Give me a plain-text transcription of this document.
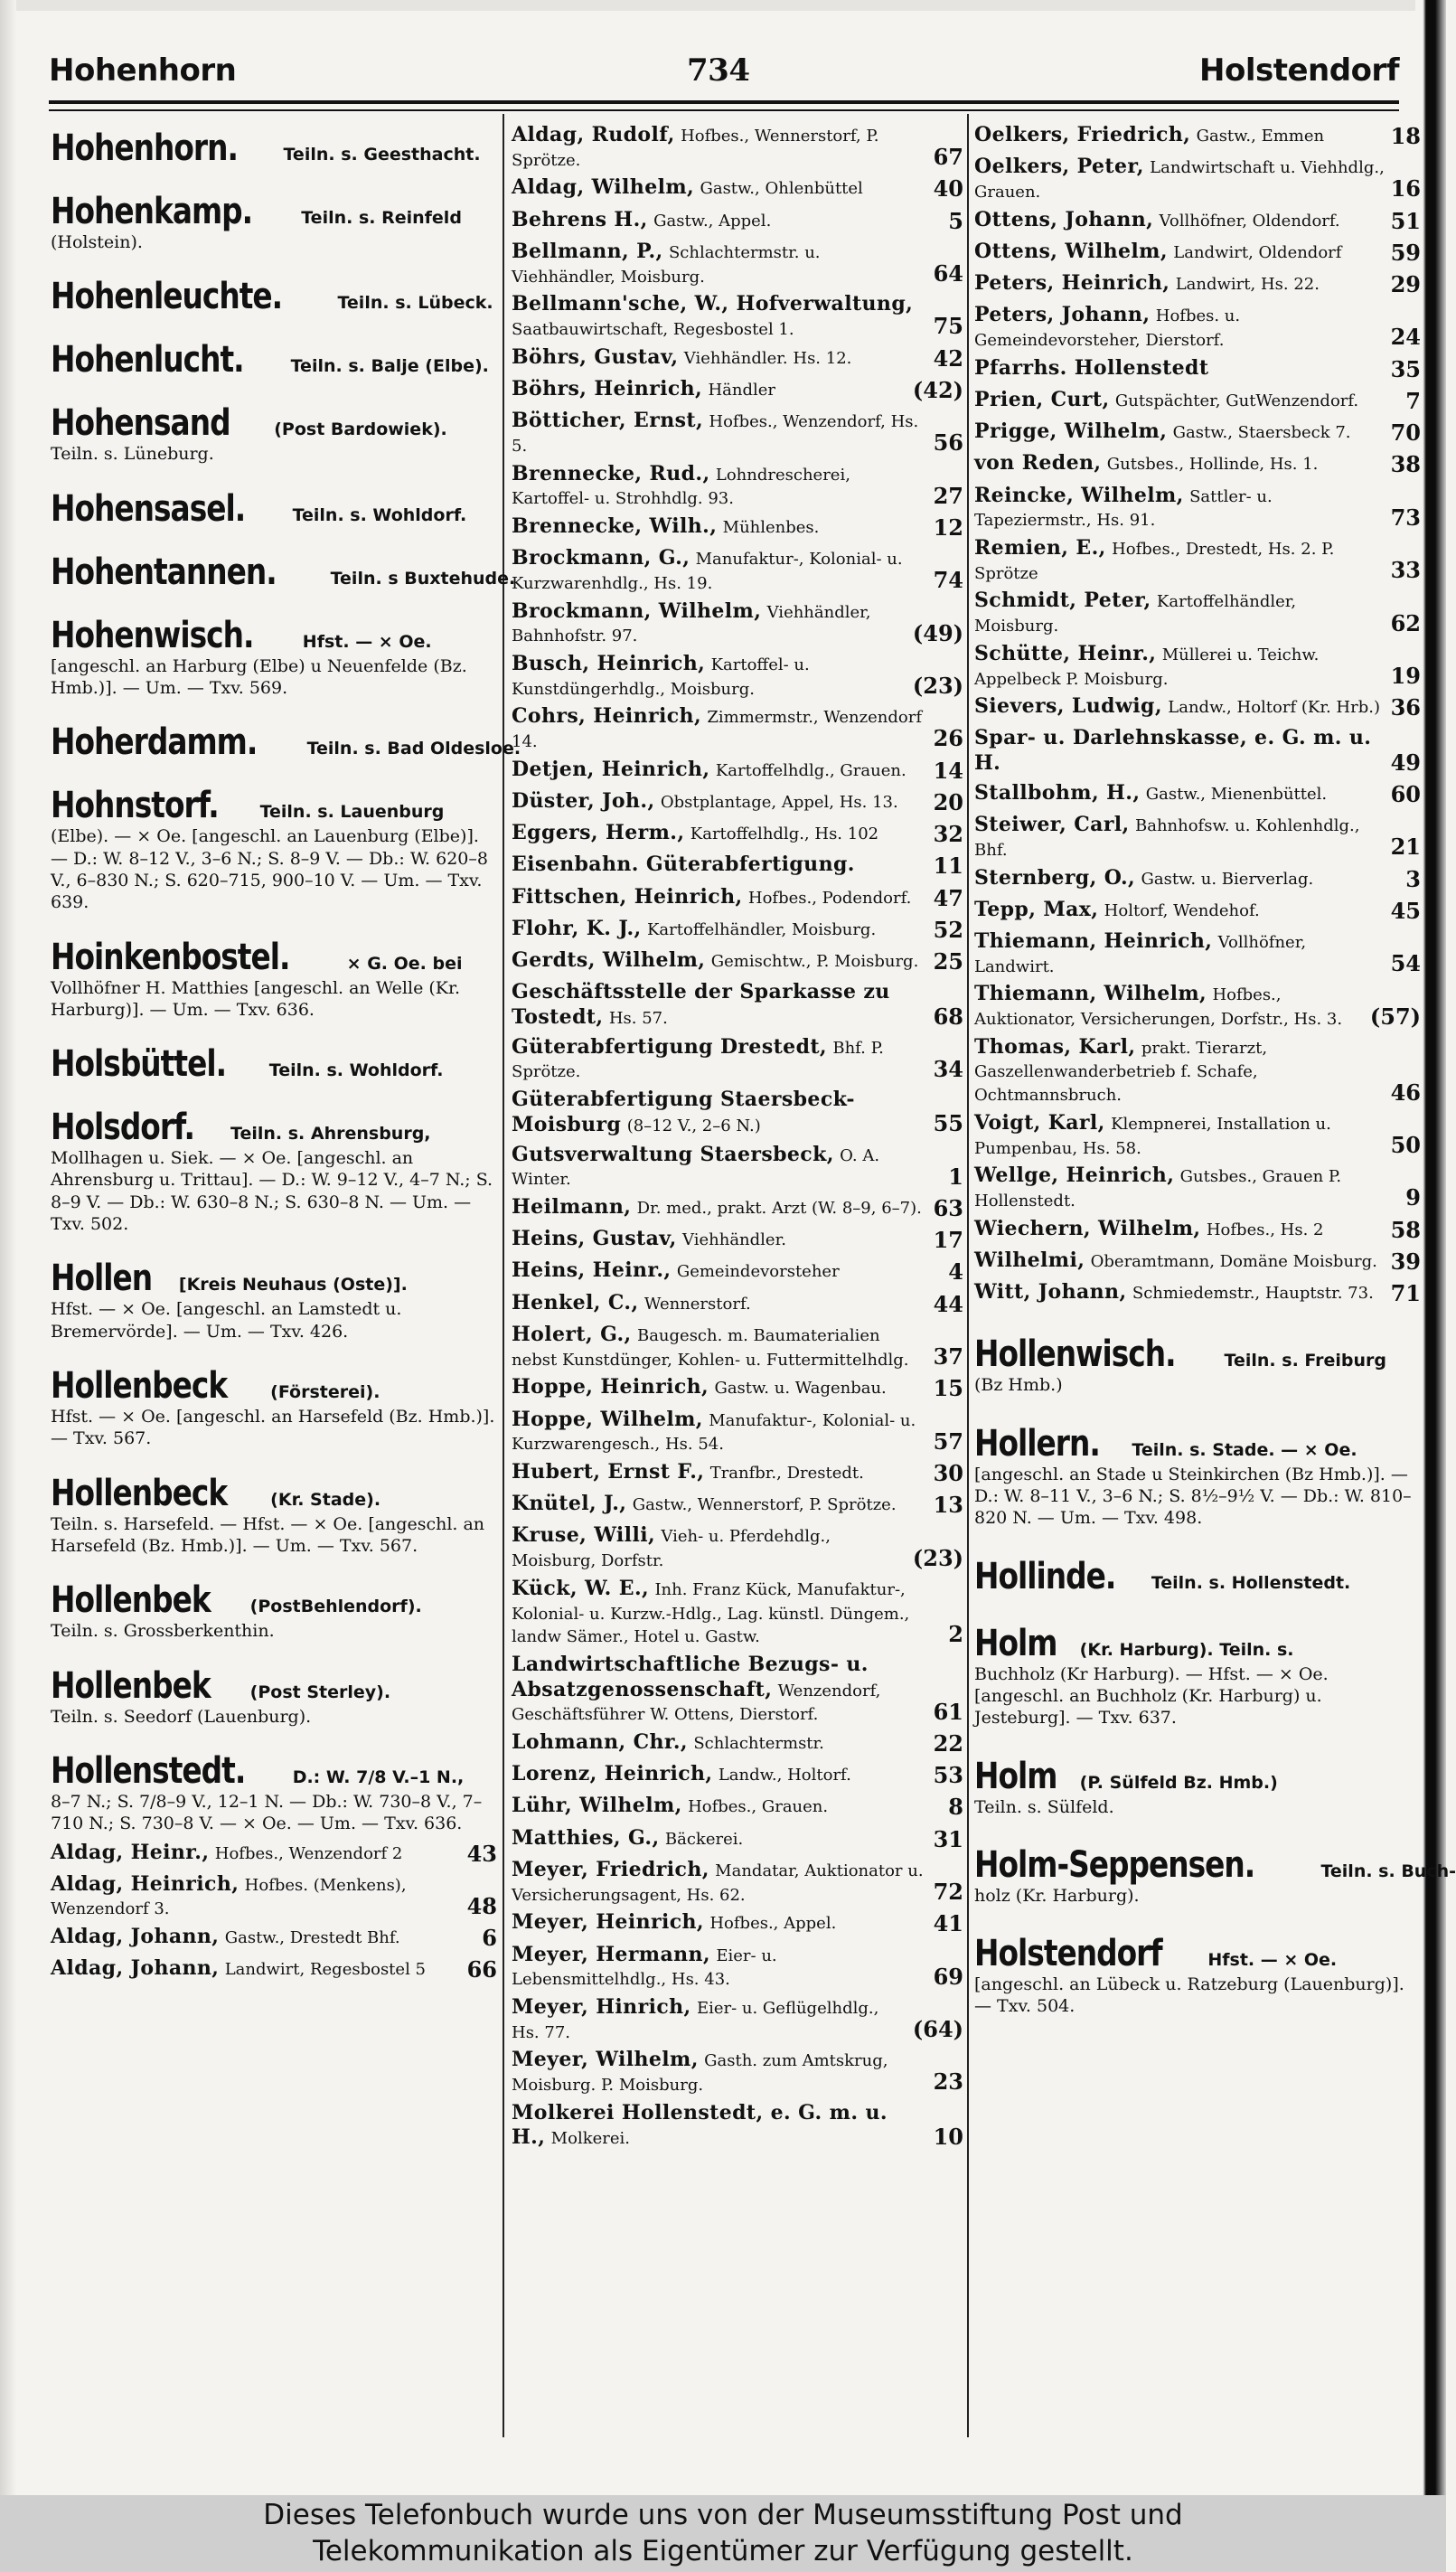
Hohenhorn	734	Holstendorf
Hohenhorn.	Teiln. s. Geesthacht.
Hohenkamp.	Teiln. s. Reinfeld
(Holstein).
Hohenleuchte.	Teiln. s. Lübeck.
Hohenlucht.	Teiln. s. Balje (Elbe).
Hohensand	(Post Bardowiek).
Teiln. s. Lüneburg.
Hohensasel.	Teiln. s. Wohldorf.
Hohentannen.	Teiln. s Buxtehude.
Hohenwisch.	Hfst. — × Oe.
[angeschl. an Harburg (Elbe) u Neuenfelde (Bz. Hmb.)]. — Um. — Txv. 569.
Hoherdamm.	Teiln. s. Bad Oldesloe.
Hohnstorf. Teiln. s. Lauenburg
(Elbe). — × Oe. [angeschl. an Lauenburg (Elbe)]. — D.: W. 8–12 V., 3–6 N.; S. 8–9 V. — Db.: W. 620–8 V., 6–830 N.; S. 620–715, 900–10 V. — Um. — Txv. 639.
Hoinkenbostel.	× G. Oe. bei
Vollhöfner H. Matthies [angeschl. an Welle (Kr. Harburg)]. — Um. — Txv. 636.
Holsbüttel.	Teiln. s. Wohldorf.
Holsdorf. Teiln. s. Ahrensburg,
Mollhagen u. Siek. — × Oe. [angeschl. an Ahrensburg u. Trittau]. — D.: W. 9–12 V., 4–7 N.; S. 8–9 V. — Db.: W. 630–8 N.; S. 630–8 N. — Um. — Txv. 502.
Hollen [Kreis Neuhaus (Oste)].
Hfst. — × Oe. [angeschl. an Lamstedt u. Bremervörde]. — Um. — Txv. 426.
Hollenbeck	(Försterei).
Hfst. — × Oe. [angeschl. an Harsefeld (Bz. Hmb.)]. — Txv. 567.
Hollenbeck	(Kr. Stade).
Teiln. s. Harsefeld. — Hfst. — × Oe. [angeschl. an Harsefeld (Bz. Hmb.)]. — Um. — Txv. 567.
Hollenbek (PostBehlendorf).
Teiln. s. Grossberkenthin.
Hollenbek (Post Sterley).
Teiln. s. Seedorf (Lauenburg).
Hollenstedt.	D.: W. 7/8 V.–1 N.,
8–7 N.; S. 7/8–9 V., 12–1 N. — Db.: W. 730–8 V., 7–710 N.; S. 730–8 V. — × Oe. — Um. — Txv. 636.
Aldag, Heinr., Hofbes., Wenzendorf 2	43
Aldag, Heinrich, Hofbes. (Menkens), Wenzendorf 3.	48
Aldag, Johann, Gastw., Drestedt Bhf.	6
Aldag, Johann, Landwirt, Regesbostel 5	66
Aldag, Rudolf, Hofbes., Wennerstorf, P. Sprötze.	67
Aldag, Wilhelm, Gastw., Ohlenbüttel	40
Behrens H., Gastw., Appel.	5
Bellmann, P., Schlachtermstr. u. Viehhändler, Moisburg.	64
Bellmann'sche, W., Hofverwaltung, Saatbauwirtschaft, Regesbostel 1.	75
Böhrs, Gustav, Viehhändler. Hs. 12.	42
Böhrs, Heinrich, Händler	(42)
Bötticher, Ernst, Hofbes., Wenzendorf, Hs. 5.	56
Brennecke, Rud., Lohndrescherei, Kartoffel- u. Strohhdlg. 93.	27
Brennecke, Wilh., Mühlenbes.	12
Brockmann, G., Manufaktur-, Kolonial- u. Kurzwarenhdlg., Hs. 19.	74
Brockmann, Wilhelm, Viehhändler, Bahnhofstr. 97.	(49)
Busch, Heinrich, Kartoffel- u. Kunstdüngerhdlg., Moisburg.	(23)
Cohrs, Heinrich, Zimmermstr., Wenzendorf 14.	26
Detjen, Heinrich, Kartoffelhdlg., Grauen.	14
Düster, Joh., Obstplantage, Appel, Hs. 13.	20
Eggers, Herm., Kartoffelhdlg., Hs. 102	32
Eisenbahn. Güterabfertigung.	11
Fittschen, Heinrich, Hofbes., Podendorf.	47
Flohr, K. J., Kartoffelhändler, Moisburg.	52
Gerdts, Wilhelm, Gemischtw., P. Moisburg. 25
Geschäftsstelle der Sparkasse zu Tostedt, Hs. 57.	68
Güterabfertigung Drestedt, Bhf. P. Sprötze.	34
Güterabfertigung Staersbeck-Moisburg (8–12 V., 2–6 N.)	55
Gutsverwaltung Staersbeck, O. A. Winter.	1
Heilmann, Dr. med., prakt. Arzt (W. 8–9, 6–7). 63
Heins, Gustav, Viehhändler.	17
Heins, Heinr., Gemeindevorsteher	4
Henkel, C., Wennerstorf.	44
Holert, G., Baugesch. m. Baumaterialien nebst Kunstdünger, Kohlen- u. Futtermittelhdlg.	37
Hoppe, Heinrich, Gastw. u. Wagenbau.	15
Hoppe, Wilhelm, Manufaktur-, Kolonial- u. Kurzwarengesch., Hs. 54.	57
Hubert, Ernst F., Tranfbr., Drestedt.	30
Knütel, J., Gastw., Wennerstorf, P. Sprötze.	13
Kruse, Willi, Vieh- u. Pferdehdlg., Moisburg, Dorfstr.	(23)
Kück, W. E., Inh. Franz Kück, Manufaktur-, Kolonial- u. Kurzw.-Hdlg., Lag. künstl. Düngem., landw Sämer., Hotel u. Gastw.	2
Landwirtschaftliche Bezugs- u. Absatzgenossenschaft, Wenzendorf, Geschäftsführer W. Ottens, Dierstorf.	61
Lohmann, Chr., Schlachtermstr.	22
Lorenz, Heinrich, Landw., Holtorf.	53
Lühr, Wilhelm, Hofbes., Grauen.	8
Matthies, G., Bäckerei.	31
Meyer, Friedrich, Mandatar, Auktionator u. Versicherungsagent, Hs. 62.	72
Meyer, Heinrich, Hofbes., Appel.	41
Meyer, Hermann, Eier- u. Lebensmittelhdlg., Hs. 43.	69
Meyer, Hinrich, Eier- u. Geflügelhdlg., Hs. 77.	(64)
Meyer, Wilhelm, Gasth. zum Amtskrug, Moisburg. P. Moisburg.	23
Molkerei Hollenstedt, e. G. m. u. H., Molkerei.	10
Oelkers, Friedrich, Gastw., Emmen	18
Oelkers, Peter, Landwirtschaft u. Viehhdlg., Grauen.	16
Ottens, Johann, Vollhöfner, Oldendorf.	51
Ottens, Wilhelm, Landwirt, Oldendorf	59
Peters, Heinrich, Landwirt, Hs. 22.	29
Peters, Johann, Hofbes. u. Gemeindevorsteher, Dierstorf.	24
Pfarrhs. Hollenstedt	35
Prien, Curt, Gutspächter, GutWenzendorf.	7
Prigge, Wilhelm, Gastw., Staersbeck 7.	70
von Reden, Gutsbes., Hollinde, Hs. 1.	38
Reincke, Wilhelm, Sattler- u. Tapeziermstr., Hs. 91.	73
Remien, E., Hofbes., Drestedt, Hs. 2. P. Sprötze	33
Schmidt, Peter, Kartoffelhändler, Moisburg.	62
Schütte, Heinr., Müllerei u. Teichw. Appelbeck P. Moisburg.	19
Sievers, Ludwig, Landw., Holtorf (Kr. Hrb.) 36
Spar- u. Darlehnskasse, e. G. m. u. H.	49
Stallbohm, H., Gastw., Mienenbüttel.	60
Steiwer, Carl, Bahnhofsw. u. Kohlenhdlg., Bhf.	21
Sternberg, O., Gastw. u. Bierverlag.	3
Tepp, Max, Holtorf, Wendehof.	45
Thiemann, Heinrich, Vollhöfner, Landwirt.	54
Thiemann, Wilhelm, Hofbes., Auktionator, Versicherungen, Dorfstr., Hs. 3.	(57)
Thomas, Karl, prakt. Tierarzt, Gaszellenwanderbetrieb f. Schafe, Ochtmannsbruch.	46
Voigt, Karl, Klempnerei, Installation u. Pumpenbau, Hs. 58.	50
Wellge, Heinrich, Gutsbes., Grauen P. Hollenstedt.	9
Wiechern, Wilhelm, Hofbes., Hs. 2	58
Wilhelmi, Oberamtmann, Domäne Moisburg. 39
Witt, Johann, Schmiedemstr., Hauptstr. 73. 71
Hollenwisch.	Teiln. s. Freiburg
(Bz Hmb.)
Hollern. Teiln. s. Stade. — × Oe.
[angeschl. an Stade u Steinkirchen (Bz Hmb.)]. — D.: W. 8–11 V., 3–6 N.; S. 8½–9½ V. — Db.: W. 810–820 N. — Um. — Txv. 498.
Hollinde. Teiln. s. Hollenstedt.
Holm (Kr. Harburg). Teiln. s.
Buchholz (Kr Harburg). — Hfst. — × Oe. [angeschl. an Buchholz (Kr. Harburg) u. Jesteburg]. — Txv. 637.
Holm (P. Sülfeld Bz. Hmb.)
Teiln. s. Sülfeld.
Holm-Seppensen.	Teiln. s. Buch-
holz (Kr. Harburg).
Holstendorf	Hfst. — × Oe.
[angeschl. an Lübeck u. Ratzeburg (Lauenburg)]. — Txv. 504.
Dieses Telefonbuch wurde uns von der Museumsstiftung Post und
Telekommunikation als Eigentümer zur Verfügung gestellt.
